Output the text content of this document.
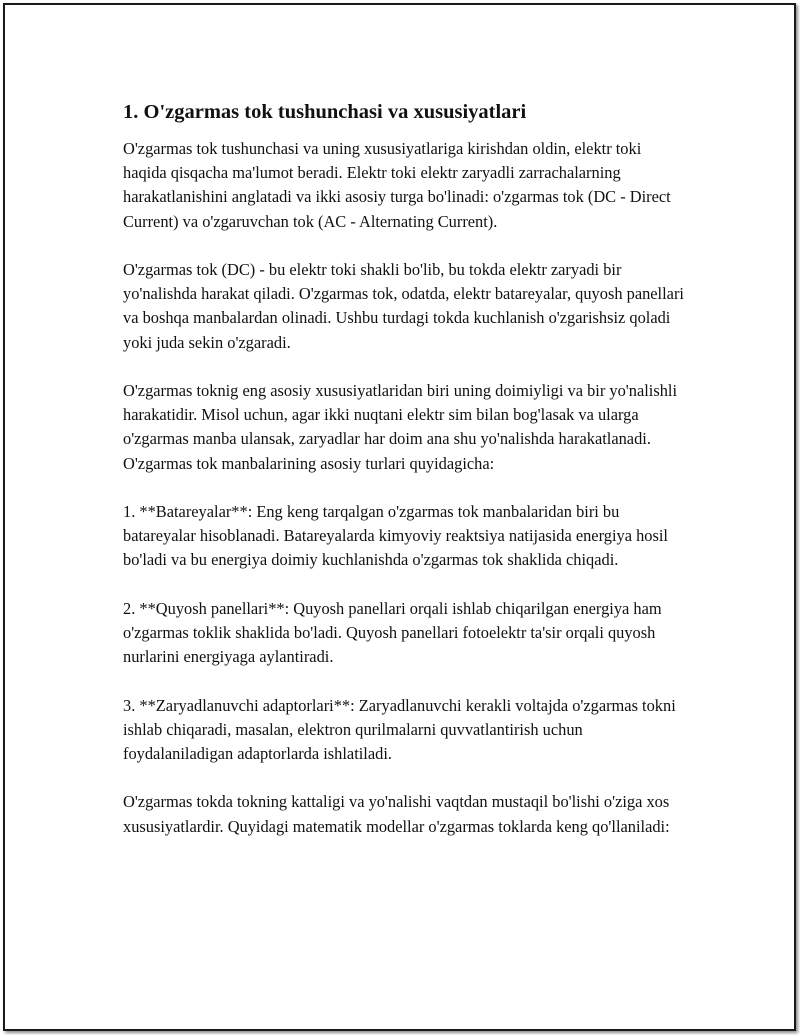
1. O'zgarmas tok tushunchasi va xususiyatlari

O'zgarmas tok tushunchasi va uning xususiyatlariga kirishdan oldin, elektr toki haqida qisqacha ma'lumot beradi. Elektr toki elektr zaryadli zarrachalarning harakatlanishini anglatadi va ikki asosiy turga bo'linadi: o'zgarmas tok (DC - Direct Current) va o'zgaruvchan tok (AC - Alternating Current).

O'zgarmas tok (DC) - bu elektr toki shakli bo'lib, bu tokda elektr zaryadi bir yo'nalishda harakat qiladi. O'zgarmas tok, odatda, elektr batareyalar, quyosh panellari va boshqa manbalardan olinadi. Ushbu turdagi tokda kuchlanish o'zgarishsiz qoladi yoki juda sekin o'zgaradi.

O'zgarmas toknig eng asosiy xususiyatlaridan biri uning doimiyligi va bir yo'nalishli harakatidir. Misol uchun, agar ikki nuqtani elektr sim bilan bog'lasak va ularga o'zgarmas manba ulansak, zaryadlar har doim ana shu yo'nalishda harakatlanadi. O'zgarmas tok manbalarining asosiy turlari quyidagicha:

1. **Batareyalar**: Eng keng tarqalgan o'zgarmas tok manbalaridan biri bu batareyalar hisoblanadi. Batareyalarda kimyoviy reaktsiya natijasida energiya hosil bo'ladi va bu energiya doimiy kuchlanishda o'zgarmas tok shaklida chiqadi.

2. **Quyosh panellari**: Quyosh panellari orqali ishlab chiqarilgan energiya ham o'zgarmas toklik shaklida bo'ladi. Quyosh panellari fotoelektr ta'sir orqali quyosh nurlarini energiyaga aylantiradi.

3. **Zaryadlanuvchi adaptorlari**: Zaryadlanuvchi kerakli voltajda o'zgarmas tokni ishlab chiqaradi, masalan, elektron qurilmalarni quvvatlantirish uchun foydalaniladigan adaptorlarda ishlatiladi.

O'zgarmas tokda tokning kattaligi va yo'nalishi vaqtdan mustaqil bo'lishi o'ziga xos xususiyatlardir. Quyidagi matematik modellar o'zgarmas toklarda keng qo'llaniladi:
